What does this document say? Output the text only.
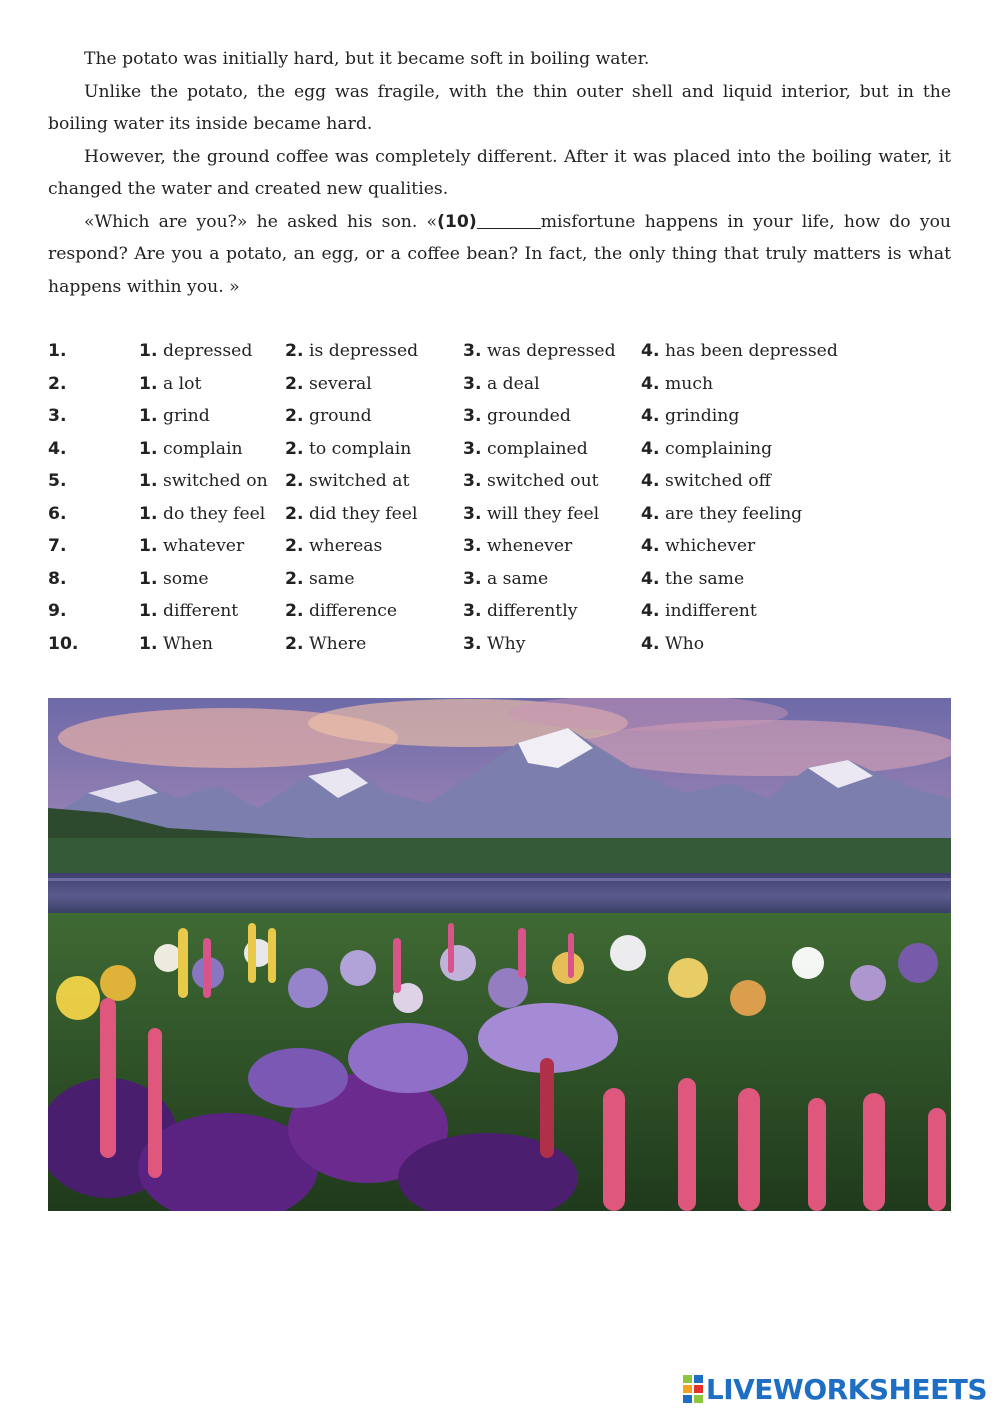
The potato was initially hard, but it became soft in boiling water.

Unlike the potato, the egg was fragile, with the thin outer shell and liquid interior, but in the boiling water its inside became hard.

However, the ground coffee was completely different. After it was placed into the boiling water, it changed the water and created new qualities.

«Which are you?» he asked his son. «(10)	misfortune happens in your life, how do you respond? Are you a potato, an egg, or a coffee bean? In fact, the only thing that truly matters is what happens within you. »

1.	1. depressed 2. is depressed	3. was depressed 4. has been depressed
2.	1. a lot	2. several	3. a deal	4. much
3.	1. grind	2. ground	3. grounded	4. grinding
4.	1. complain 2. to complain	3. complained	4. complaining
5.	1. switched on 2. switched at	3. switched out 4. switched off
6.	1. do they feel 2. did they feel	3. will they feel 4. are they feeling
7.	1. whatever 2. whereas	3. whenever	4. whichever
8.	1. some	2. same	3. a same	4. the same
9.	1. different	2. difference	3. differently	4. indifferent
10.	1. When	2. Where	3. Why	4. Who
LIVEWORKSHEETS
